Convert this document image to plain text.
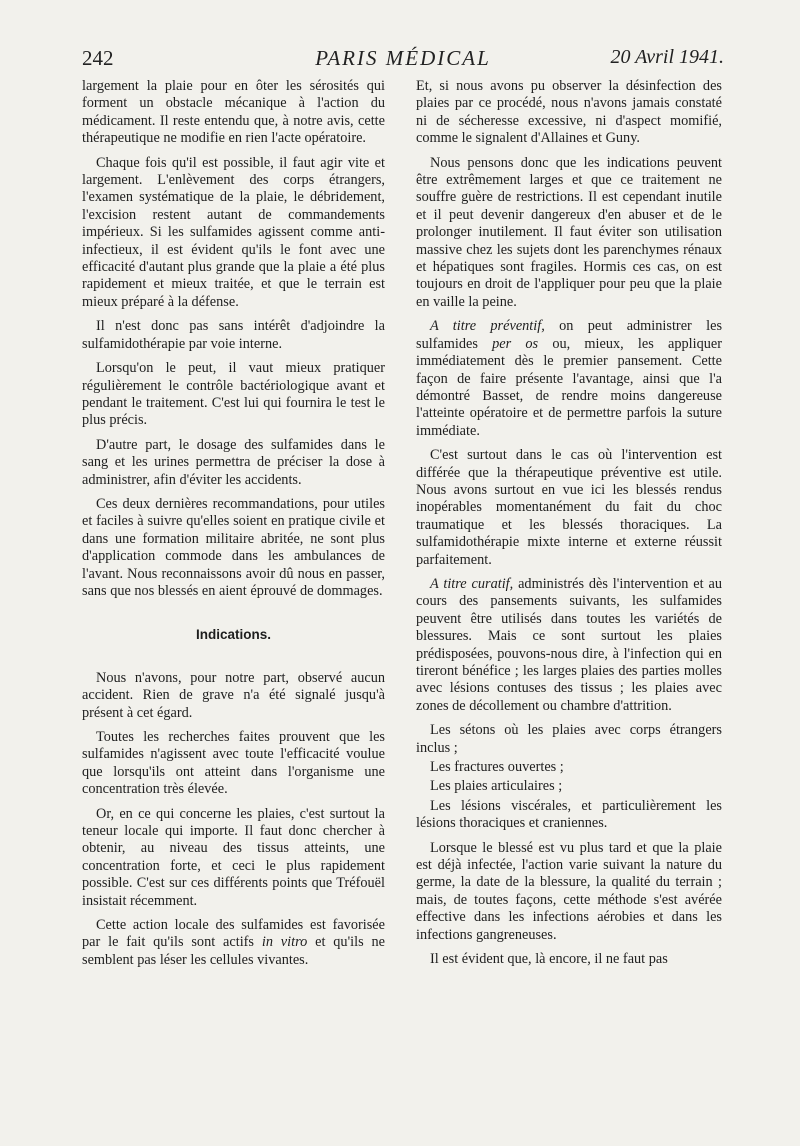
242	PARIS MÉDICAL	20 Avril 1941.

largement la plaie pour en ôter les sérosités qui forment un obstacle mécanique à l'action du médicament. Il reste entendu que, à notre avis, cette thérapeutique ne modifie en rien l'acte opératoire.

Chaque fois qu'il est possible, il faut agir vite et largement. L'enlèvement des corps étrangers, l'examen systématique de la plaie, le débridement, l'excision restent autant de commandements impérieux. Si les sulfamides agissent comme anti-infectieux, il est évident qu'ils le font avec une efficacité d'autant plus grande que la plaie a été plus rapidement et mieux traitée, et que le terrain est mieux préparé à la défense.

Il n'est donc pas sans intérêt d'adjoindre la sulfamidothérapie par voie interne.

Lorsqu'on le peut, il vaut mieux pratiquer régulièrement le contrôle bactériologique avant et pendant le traitement. C'est lui qui fournira le test le plus précis.

D'autre part, le dosage des sulfamides dans le sang et les urines permettra de préciser la dose à administrer, afin d'éviter les accidents.

Ces deux dernières recommandations, pour utiles et faciles à suivre qu'elles soient en pratique civile et dans une formation militaire abritée, ne sont plus d'application commode dans les ambulances de l'avant. Nous reconnaissons avoir dû nous en passer, sans que nos blessés en aient éprouvé de dommages.

Indications.

Nous n'avons, pour notre part, observé aucun accident. Rien de grave n'a été signalé jusqu'à présent à cet égard.

Toutes les recherches faites prouvent que les sulfamides n'agissent avec toute l'efficacité voulue que lorsqu'ils ont atteint dans l'organisme une concentration très élevée.

Or, en ce qui concerne les plaies, c'est surtout la teneur locale qui importe. Il faut donc chercher à obtenir, au niveau des tissus atteints, une concentration forte, et ceci le plus rapidement possible. C'est sur ces différents points que Tréfouël insistait récemment.

Cette action locale des sulfamides est favorisée par le fait qu'ils sont actifs in vitro et qu'ils ne semblent pas léser les cellules vivantes.

Et, si nous avons pu observer la désinfection des plaies par ce procédé, nous n'avons jamais constaté ni de sécheresse excessive, ni d'aspect momifié, comme le signalent d'Allaines et Guny.

Nous pensons donc que les indications peuvent être extrêmement larges et que ce traitement ne souffre guère de restrictions. Il est cependant inutile et il peut devenir dangereux d'en abuser et de le prolonger inutilement. Il faut éviter son utilisation massive chez les sujets dont les parenchymes rénaux et hépatiques sont fragiles. Hormis ces cas, on est toujours en droit de l'appliquer pour peu que la plaie en vaille la peine.

A titre préventif, on peut administrer les sulfamides per os ou, mieux, les appliquer immédiatement dès le premier pansement. Cette façon de faire présente l'avantage, ainsi que l'a démontré Basset, de rendre moins dangereuse l'atteinte opératoire et de permettre parfois la suture immédiate.

C'est surtout dans le cas où l'intervention est différée que la thérapeutique préventive est utile. Nous avons surtout en vue ici les blessés rendus inopérables momentanément du fait du choc traumatique et les blessés thoraciques. La sulfamidothérapie mixte interne et externe réussit parfaitement.

A titre curatif, administrés dès l'intervention et au cours des pansements suivants, les sulfamides peuvent être utilisés dans toutes les variétés de blessures. Mais ce sont surtout les plaies prédisposées, pouvons-nous dire, à l'infection qui en tireront bénéfice ; les larges plaies des parties molles avec lésions contuses des tissus ; les plaies avec zones de décollement ou chambre d'attrition.

Les sétons où les plaies avec corps étrangers inclus ;

Les fractures ouvertes ;

Les plaies articulaires ;

Les lésions viscérales, et particulièrement les lésions thoraciques et craniennes.

Lorsque le blessé est vu plus tard et que la plaie est déjà infectée, l'action varie suivant la nature du germe, la date de la blessure, la qualité du terrain ; mais, de toutes façons, cette méthode s'est avérée effective dans les infections aérobies et dans les infections gangreneuses.

Il est évident que, là encore, il ne faut pas
